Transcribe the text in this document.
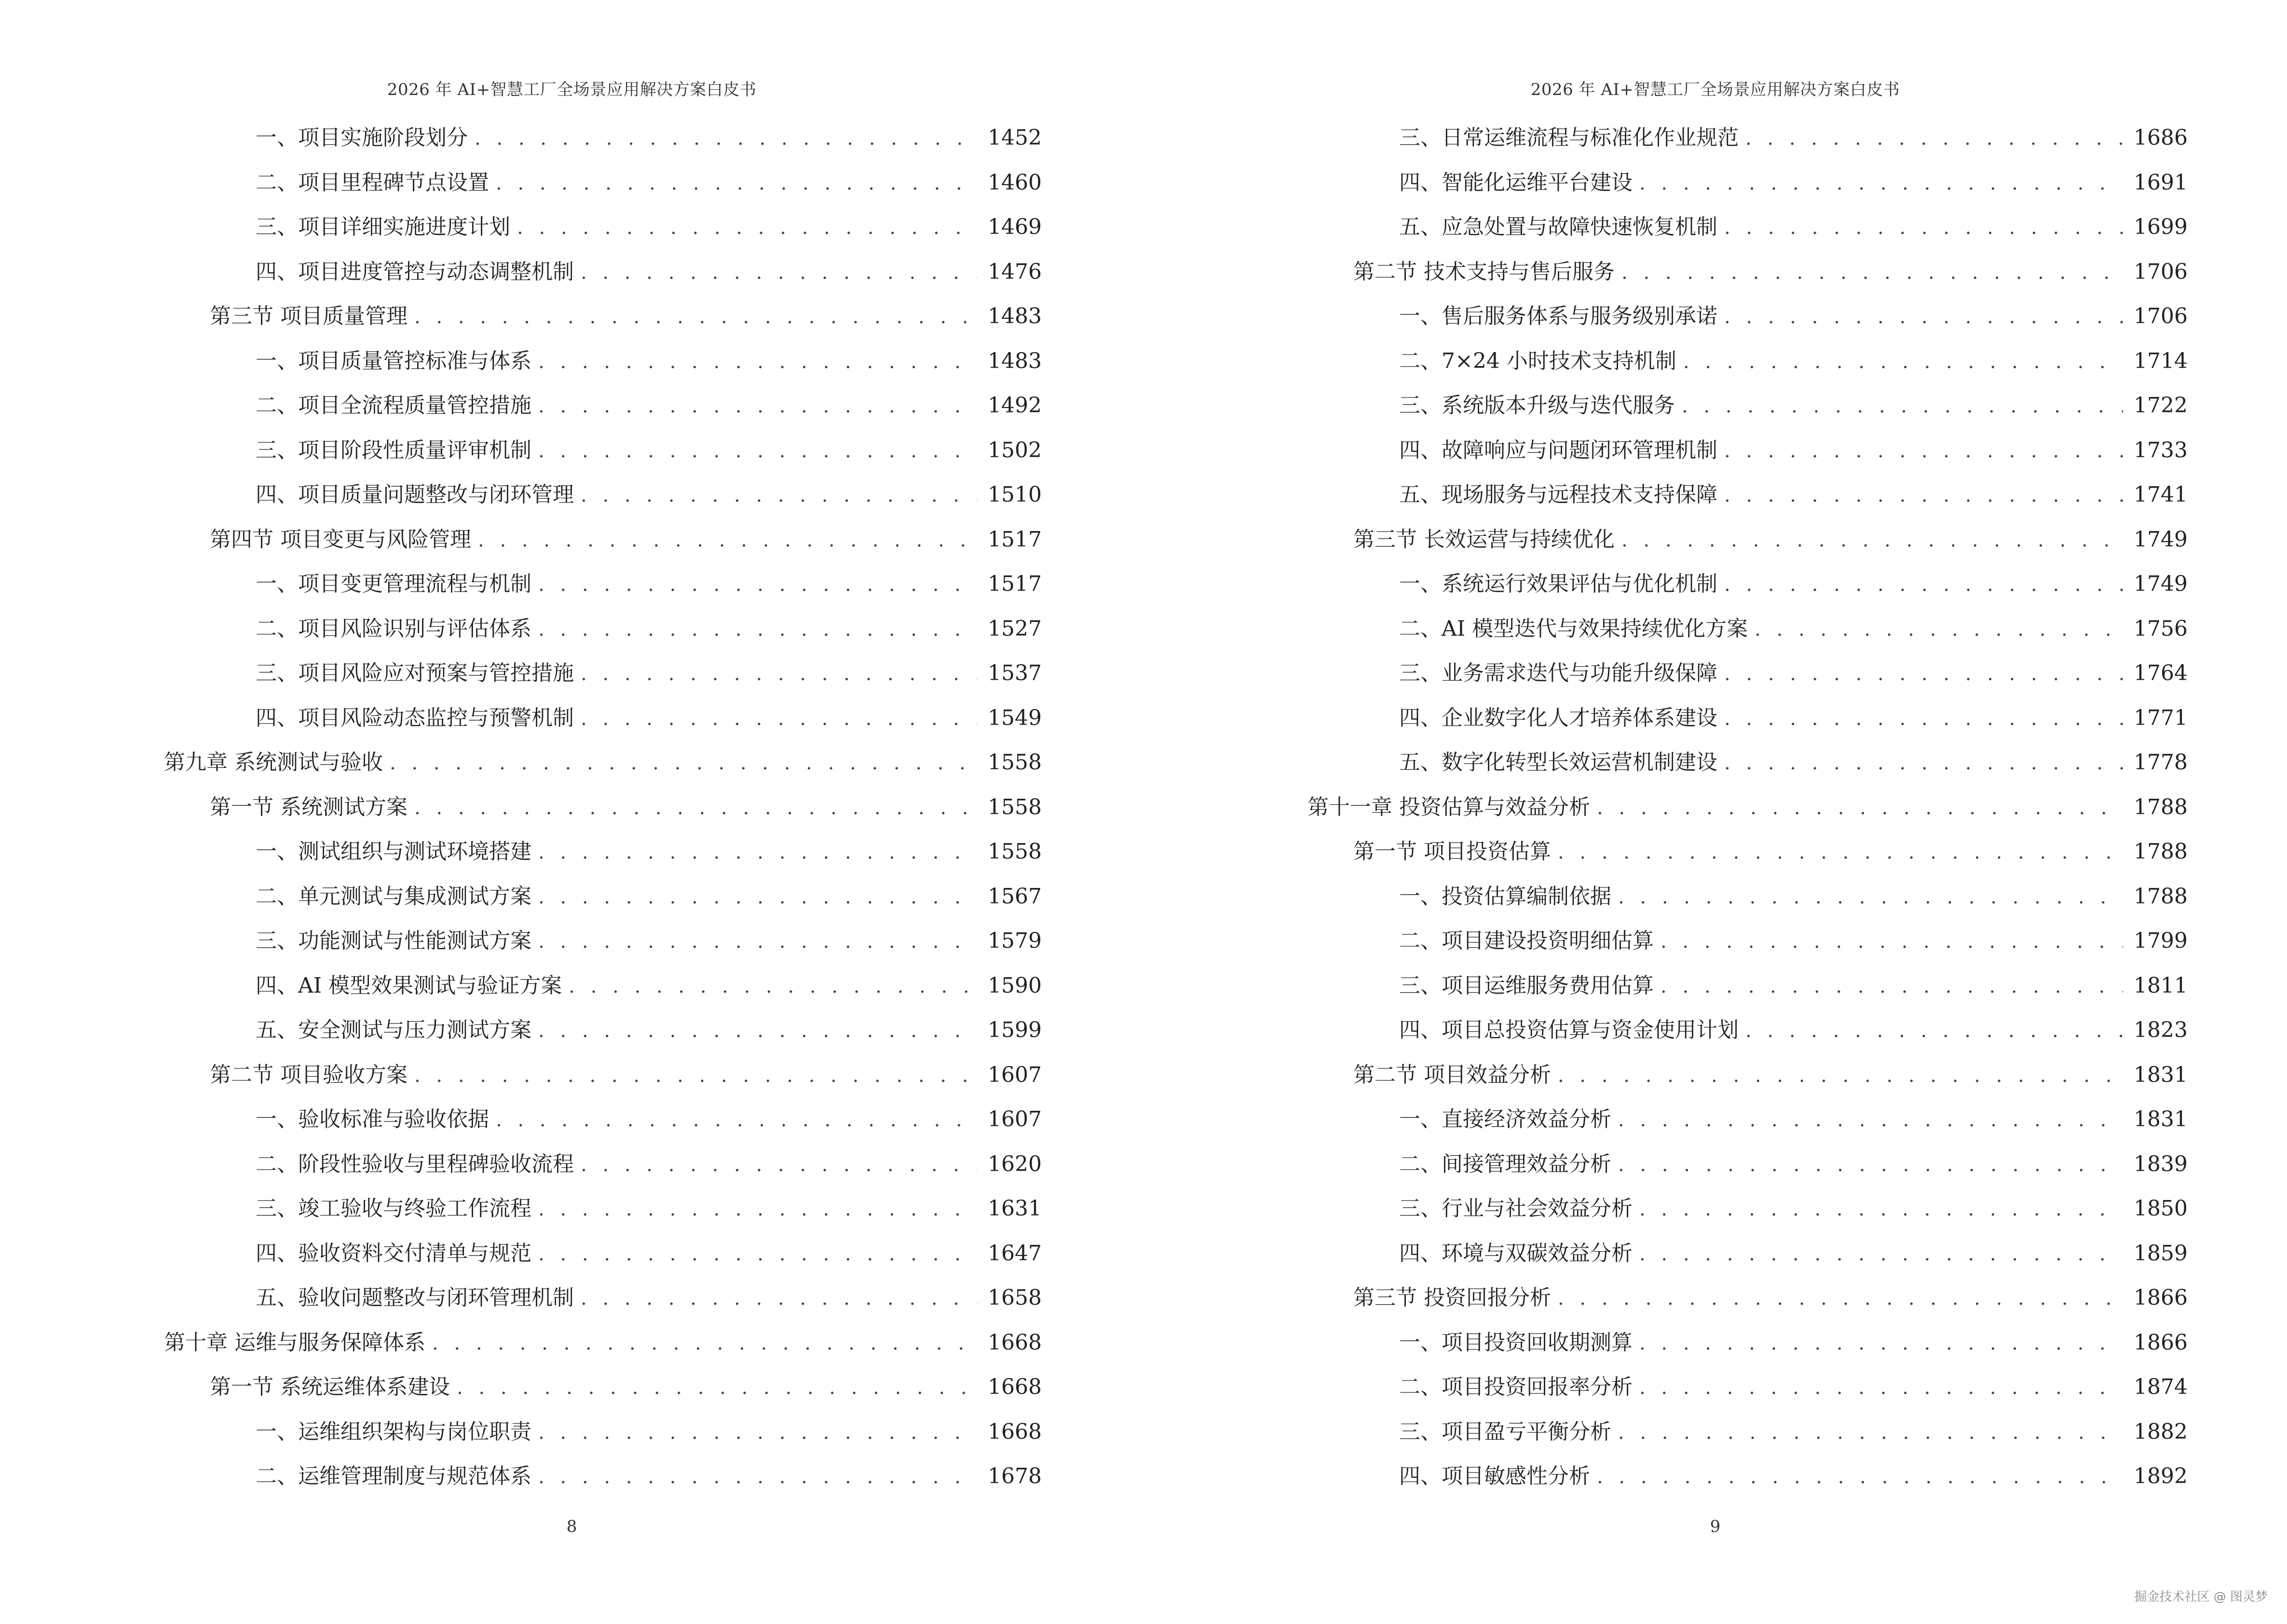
2026 年 AI+智慧工厂全场景应用解决方案白皮书
一、项目实施阶段划分 . . .	1452
二、项目里程碑节点设置 . . .	1460
三、项目详细实施进度计划 . . .	1469
四、项目进度管控与动态调整机制 . . .	1476
第三节 项目质量管理 . . .	1483
一、项目质量管控标准与体系 . . .	1483
二、项目全流程质量管控措施 . . .	1492
三、项目阶段性质量评审机制 . . .	1502
四、项目质量问题整改与闭环管理 . . .	1510
第四节 项目变更与风险管理 . . .	1517
一、项目变更管理流程与机制 . . .	1517
二、项目风险识别与评估体系 . . .	1527
三、项目风险应对预案与管控措施 . . .	1537
四、项目风险动态监控与预警机制 . . .	1549
第九章 系统测试与验收 . . .	1558
第一节 系统测试方案 . . .	1558
一、测试组织与测试环境搭建 . . .	1558
二、单元测试与集成测试方案 . . .	1567
三、功能测试与性能测试方案 . . .	1579
四、AI 模型效果测试与验证方案 . . .	1590
五、安全测试与压力测试方案 . . .	1599
第二节 项目验收方案 . . .	1607
一、验收标准与验收依据 . . .	1607
二、阶段性验收与里程碑验收流程 . . .	1620
三、竣工验收与终验工作流程 . . .	1631
四、验收资料交付清单与规范 . . .	1647
五、验收问题整改与闭环管理机制 . . .	1658
第十章 运维与服务保障体系 . . .	1668
第一节 系统运维体系建设 . . .	1668
一、运维组织架构与岗位职责 . . .	1668
二、运维管理制度与规范体系 . . .	1678
8
2026 年 AI+智慧工厂全场景应用解决方案白皮书
三、日常运维流程与标准化作业规范 . . .	1686
四、智能化运维平台建设 . . .	1691
五、应急处置与故障快速恢复机制 . . .	1699
第二节 技术支持与售后服务 . . .	1706
一、售后服务体系与服务级别承诺 . . .	1706
二、7×24 小时技术支持机制 . . .	1714
三、系统版本升级与迭代服务 . . .	1722
四、故障响应与问题闭环管理机制 . . .	1733
五、现场服务与远程技术支持保障 . . .	1741
第三节 长效运营与持续优化 . . .	1749
一、系统运行效果评估与优化机制 . . .	1749
二、AI 模型迭代与效果持续优化方案 . . .	1756
三、业务需求迭代与功能升级保障 . . .	1764
四、企业数字化人才培养体系建设 . . .	1771
五、数字化转型长效运营机制建设 . . .	1778
第十一章 投资估算与效益分析 . . .	1788
第一节 项目投资估算 . . .	1788
一、投资估算编制依据 . . .	1788
二、项目建设投资明细估算 . . .	1799
三、项目运维服务费用估算 . . .	1811
四、项目总投资估算与资金使用计划 . . .	1823
第二节 项目效益分析 . . .	1831
一、直接经济效益分析 . . .	1831
二、间接管理效益分析 . . .	1839
三、行业与社会效益分析 . . .	1850
四、环境与双碳效益分析 . . .	1859
第三节 投资回报分析 . . .	1866
一、项目投资回收期测算 . . .	1866
二、项目投资回报率分析 . . .	1874
三、项目盈亏平衡分析 . . .	1882
四、项目敏感性分析 . . .	1892
9
掘金技术社区 @ 图灵梦
